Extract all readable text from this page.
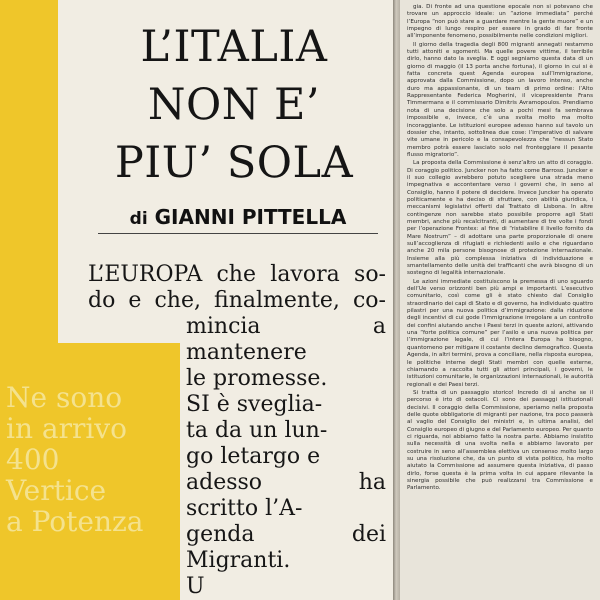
Ne sono
in arrivo
400
Vertice
a Potenza
L’ITALIA
NON E’
PIU’ SOLA

di GIANNI PITTELLA

L’EUROPA che lavora so-
do e che, finalmente, co-
mincia a
mantenere
le promesse.
SI è sveglia-
ta da un lun-
go letargo e
adesso ha
scritto l’A-
genda dei
Migranti.
U

gia. Di fronte ad una questione epocale non si potevano che trovare un approccio ideale: un “azione immediata” perché l’Europa “non può stare a guardare mentre la gente muore” e un impegno di lungo respiro per essere in grado di far fronte all’imponente fenomeno, possibilmente nelle condizioni migliori.

Il giorno della tragedia degli 800 migranti annegati restammo tutti attoniti e sgomenti. Ma quelle povere vittime, il terribile dirlo, hanno dato la sveglia. E oggi segniamo questa data di un giorno di maggio (il 13 porta anche fortuna), il giorno in cui si è fatta concreta quest Agenda europea sull’Immigrazione, approvata dalla Commissione, dopo un lavoro intenso, anche duro ma appassionante, di un team di primo ordine: l’Alto Rappresentante Federica Mogherini, il vicepresidente Frans Timmermans e il commissario Dimitris Avramopoulos. Prendiamo nota di una decisione che solo a pochi mesi fa sembrava impossibile e, invece, c’è una svolta molto ma molto incoraggiante. Le istituzioni europee adesso hanno sul tavolo un dossier che, intanto, sottolinea due cose: l’imperativo di salvare vite umane in pericolo e la consapevolezza che “nessun Stato membro potrà essere lasciato solo nel fronteggiare il pesante flusso migratorio”.

La proposta della Commissione è senz’altro un atto di coraggio. Di coraggio politico. Juncker non ha fatto come Barroso. Juncker e il suo collegio avrebbero potuto scegliere una strada meno impegnativa e accontentare verso i governi che, in seno al Consiglio, hanno il potere di decidere. Invece Juncker ha operato politicamente e ha deciso di sfruttare, con abilità giuridica, i meccanismi legislativi offerti dal Trattato di Lisbona. In altre contingenze non sarebbe stato possibile proporre agli Stati membri, anche più recalcitranti, di aumentare di tre volte i fondi per l’operazione Frontex: al fine di “ristabilire il livello fornito da Mare Nostrum” – di adottare una parte proporzionale di onere sull’accoglienza di rifugiati e richiedenti asilo e che riguardano anche 20 mila persone bisognose di protezione internazionale. Insieme alla più complessa iniziativa di individuazione e smantellamento delle unità dei trafficanti che avrà bisogno di un sostegno di legalità internazionale.

Le azioni immediate costituiscono la premessa di uno sguardo dell’Ue verso orizzonti ben più ampi e importanti. L’esecutivo comunitario, così come gli è stato chiesto dal Consiglio straordinario dei capi di Stato e di governo, ha individuato quattro pilastri per una nuova politica d’immigrazione: dalla riduzione degli incentivi di cui gode l’immigrazione irregolare a un controllo dei confini aiutando anche i Paesi terzi in queste azioni, attivando una “forte politica comune” per l’asilo e una nuova politica per l’immigrazione legale, di cui l’intera Europa ha bisogno, quantomeno per mitigare il costante declino demografico. Questa Agenda, in altri termini, prova a conciliare, nella risposta europea, le politiche interne degli Stati membri con quelle esterne, chiamando a raccolta tutti gli attori principali, i governi, le istituzioni comunitarie, le organizzazioni internazionali, le autorità regionali e dei Paesi terzi.

Si tratta di un passaggio storico! Incredo di sì anche se il percorso è irto di ostacoli. Ci sono dei passaggi istituzionali decisivi. Il coraggio della Commissione, speriamo nella proposta delle quote obbligatorie di migranti per nazione, tra poco passerà al vaglio del Consiglio dei ministri e, in ultima analisi, del Consiglio europeo di giugno e del Parlamento europeo. Per quanto ci riguarda, noi abbiamo fatto la nostra parte. Abbiamo insistito sulla necessità di una svolta nella e abbiamo lavorato per costruire in seno all’assemblea elettiva un consenso molto largo su una risoluzione che, da un punto di vista politico, ha molto aiutato la Commissione ad assumere questa iniziativa, di passo dirlo, forse questa è la prima volta in cui appare rilevante la sinergia possibile che può realizzarsi tra Commissione e Parlamento.
